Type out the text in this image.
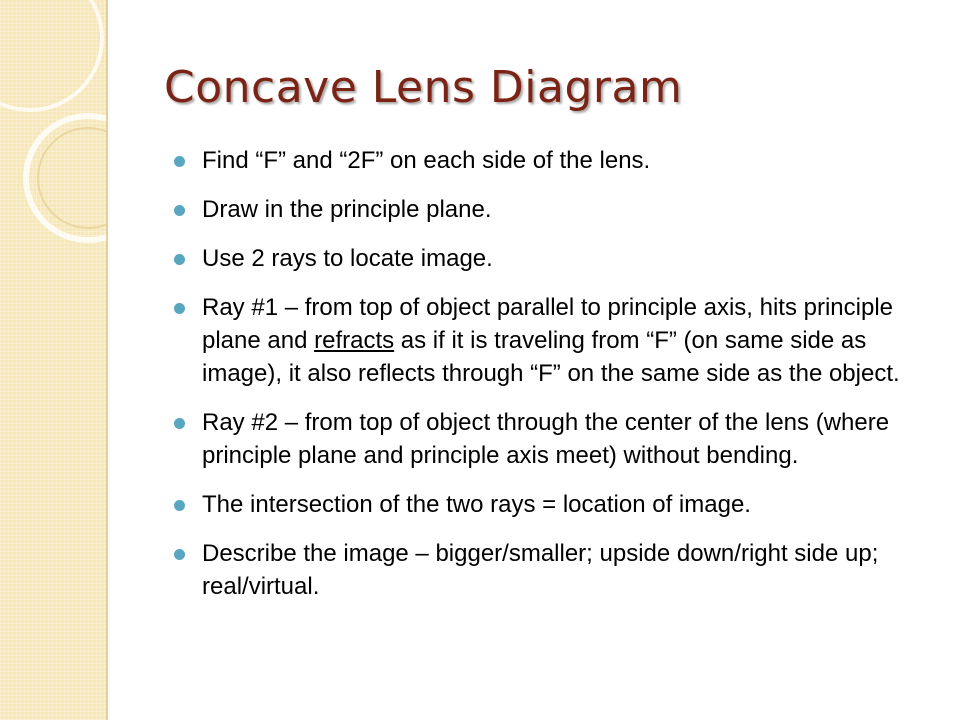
Concave Lens Diagram
Find “F” and “2F” on each side of the lens.
Draw in the principle plane.
Use 2 rays to locate image.
Ray #1 – from top of object parallel to principle axis, hits principle plane and refracts as if it is traveling from “F” (on same side as image), it also reflects through “F” on the same side as the object.
Ray #2 – from top of object through the center of the lens (where principle plane and principle axis meet) without bending.
The intersection of the two rays = location of image.
Describe the image – bigger/smaller; upside down/right side up; real/virtual.
